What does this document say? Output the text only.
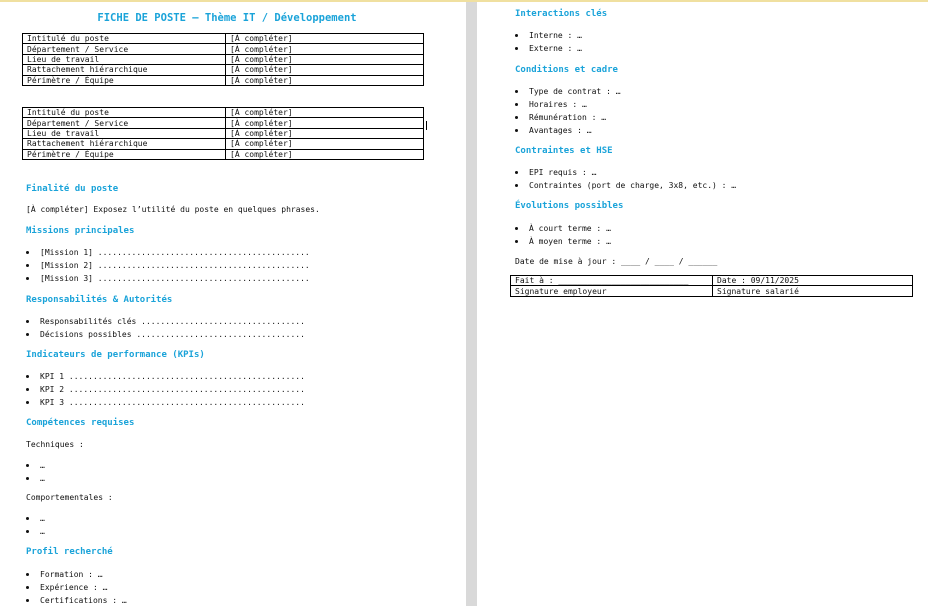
FICHE DE POSTE — Thème IT / Développement
Intitulé du poste	[À compléter]
Département / Service	[À compléter]
Lieu de travail	[À compléter]
Rattachement hiérarchique	[À compléter]
Périmètre / Équipe	[À compléter]
Intitulé du poste	[À compléter]
Département / Service	[À compléter]
Lieu de travail	[À compléter]
Rattachement hiérarchique	[À compléter]
Périmètre / Équipe	[À compléter]
Finalité du poste

[À compléter] Exposez l’utilité du poste en quelques phrases.

Missions principales
[Mission 1] ............................................
[Mission 2] ............................................
[Mission 3] ............................................
Responsabilités & Autorités
Responsabilités clés ..................................
Décisions possibles ...................................
Indicateurs de performance (KPIs)
KPI 1 .................................................
KPI 2 .................................................
KPI 3 .................................................
Compétences requises

Techniques :

…
…

Comportementales :

…
…
Profil recherché
Formation : …
Expérience : …
Certifications : …
Interactions clés
Interne : …
Externe : …
Conditions et cadre
Type de contrat : …
Horaires : …
Rémunération : …
Avantages : …
Contraintes et HSE
EPI requis : …
Contraintes (port de charge, 3x8, etc.) : …
Évolutions possibles
À court terme : …
À moyen terme : …

Date de mise à jour : ____ / ____ / ______

Fait à : ___________________________	Date : 09/11/2025
Signature employeur	Signature salarié
